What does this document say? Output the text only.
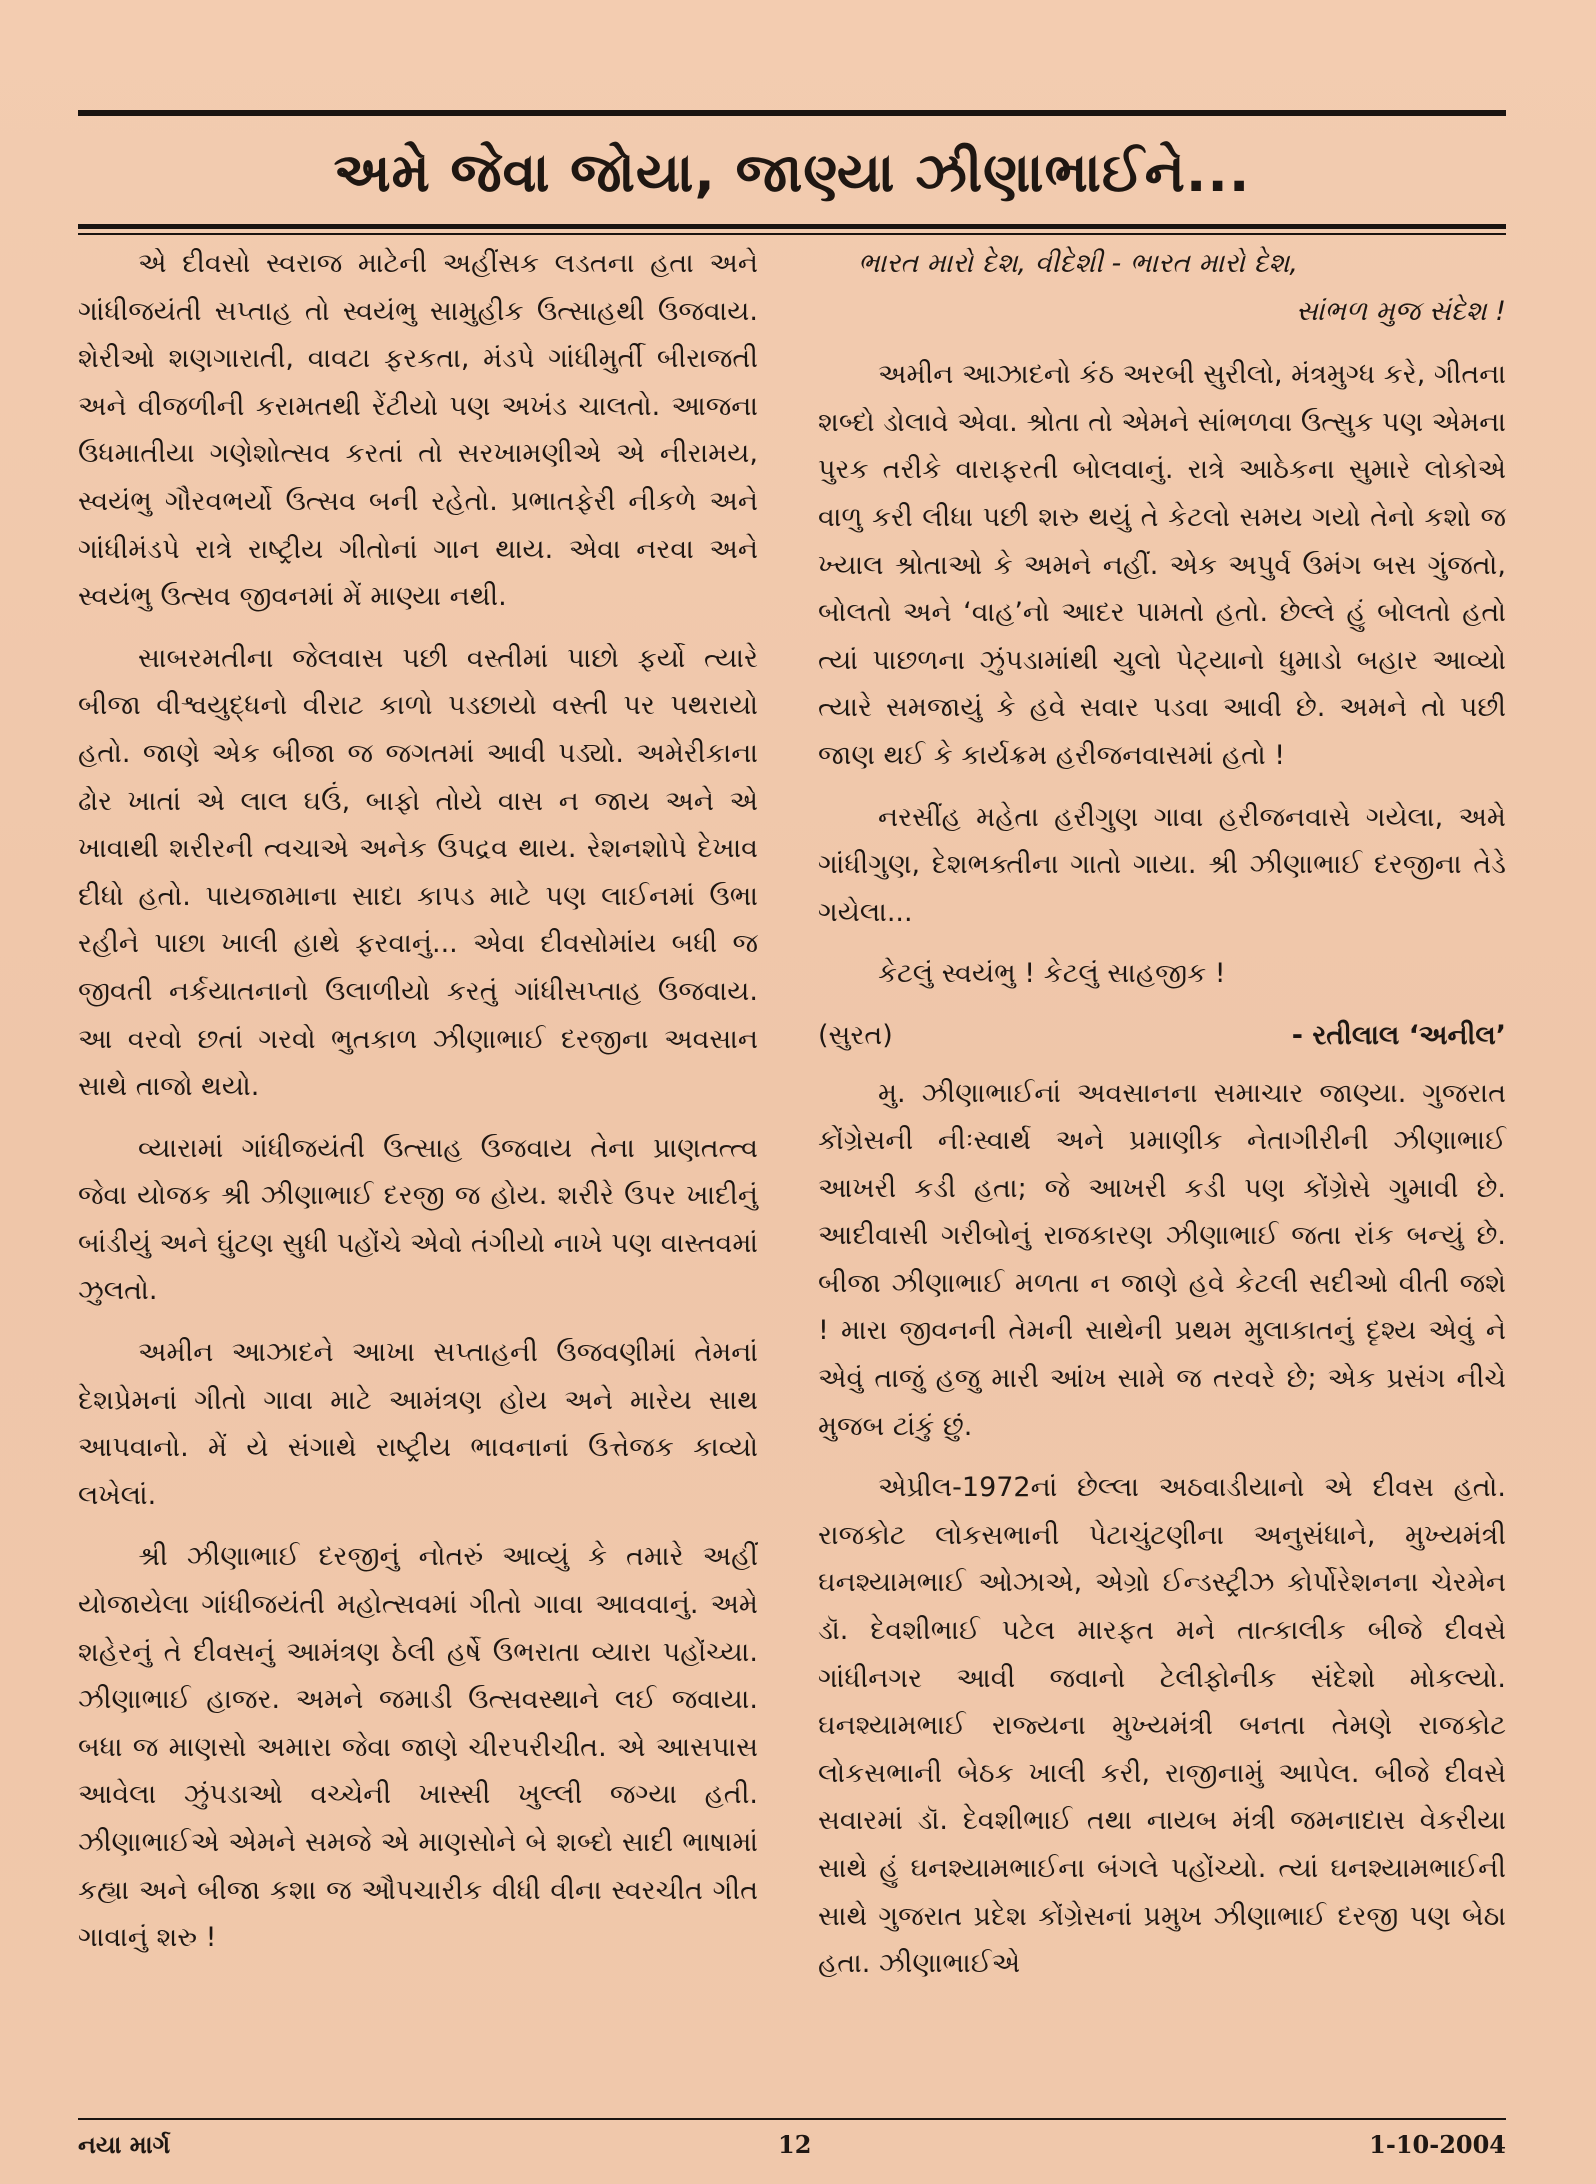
અમે જેવા જોયા, જાણ્યા ઝીણાભાઈને...

એ દીવસો સ્વરાજ માટેની અહીંસક લડતના હતા અને ગાંધીજયંતી સપ્તાહ તો સ્વયંભુ સામુહીક ઉત્સાહથી ઉજવાય. શેરીઓ શણગારાતી, વાવટા ફરકતા, મંડપે ગાંધીમુર્તી બીરાજતી અને વીજળીની કરામતથી રેંટીયો પણ અખંડ ચાલતો. આજના ઉધમાતીયા ગણેશોત્સવ કરતાં તો સરખામણીએ એ નીરામય, સ્વયંભુ ગૌરવભર્યો ઉત્સવ બની રહેતો. પ્રભાતફેરી નીકળે અને ગાંધીમંડપે રાત્રે રાષ્ટ્રીય ગીતોનાં ગાન થાય. એવા નરવા અને સ્વયંભુ ઉત્સવ જીવનમાં મેં માણ્યા નથી.

સાબરમતીના જેલવાસ પછી વસ્તીમાં પાછો ફર્યો ત્યારે બીજા વીશ્વયુદ્ધનો વીરાટ કાળો પડછાયો વસ્તી પર પથરાયો હતો. જાણે એક બીજા જ જગતમાં આવી પડ્યો. અમેરીકાના ઢોર ખાતાં એ લાલ ઘઉં, બાફો તોયે વાસ ન જાય અને એ ખાવાથી શરીરની ત્વચાએ અનેક ઉપદ્રવ થાય. રેશનશોપે દેખાવ દીધો હતો. પાયજામાના સાદા કાપડ માટે પણ લાઈનમાં ઉભા રહીને પાછા ખાલી હાથે ફરવાનું... એવા દીવસોમાંય બધી જ જીવતી નર્કયાતનાનો ઉલાળીયો કરતું ગાંધીસપ્તાહ ઉજવાય. આ વરવો છતાં ગરવો ભુતકાળ ઝીણાભાઈ દરજીના અવસાન સાથે તાજો થયો.

વ્યારામાં ગાંધીજયંતી ઉત્સાહ ઉજવાય તેના પ્રાણતત્ત્વ જેવા યોજક શ્રી ઝીણાભાઈ દરજી જ હોય. શરીરે ઉપર ખાદીનું બાંડીયું અને ઘુંટણ સુધી પહોંચે એવો તંગીયો નાખે પણ વાસ્તવમાં ઝુલતો.

અમીન આઝાદને આખા સપ્તાહની ઉજવણીમાં તેમનાં દેશપ્રેમનાં ગીતો ગાવા માટે આમંત્રણ હોય અને મારેય સાથ આપવાનો. મેં યે સંગાથે રાષ્ટ્રીય ભાવનાનાં ઉત્તેજક કાવ્યો લખેલાં.

શ્રી ઝીણાભાઈ દરજીનું નોતરું આવ્યું કે તમારે અહીં યોજાયેલા ગાંધીજયંતી મહોત્સવમાં ગીતો ગાવા આવવાનું. અમે શહેરનું તે દીવસનું આમંત્રણ ઠેલી હર્ષે ઉભરાતા વ્યારા પહોંચ્યા. ઝીણાભાઈ હાજર. અમને જમાડી ઉત્સવસ્થાને લઈ જવાયા. બધા જ માણસો અમારા જેવા જાણે ચીરપરીચીત. એ આસપાસ આવેલા ઝુંપડાઓ વચ્ચેની ખાસ્સી ખુલ્લી જગ્યા હતી. ઝીણાભાઈએ એમને સમજે એ માણસોને બે શબ્દો સાદી ભાષામાં કહ્યા અને બીજા કશા જ ઔપચારીક વીધી વીના સ્વરચીત ગીત ગાવાનું શરુ !

ભારત મારો દેશ, વીદેશી - ભારત મારો દેશ,

સાંભળ મુજ સંદેશ !

અમીન આઝાદનો કંઠ અરબી સુરીલો, મંત્રમુગ્ધ કરે, ગીતના શબ્દો ડોલાવે એવા. શ્રોતા તો એમને સાંભળવા ઉત્સુક પણ એમના પુરક તરીકે વારાફરતી બોલવાનું. રાત્રે આઠેકના સુમારે લોકોએ વાળુ કરી લીધા પછી શરુ થયું તે કેટલો સમય ગયો તેનો કશો જ ખ્યાલ શ્રોતાઓ કે અમને નહીં. એક અપુર્વ ઉમંગ બસ ગુંજતો, બોલતો અને ‘વાહ’નો આદર પામતો હતો. છેલ્લે હું બોલતો હતો ત્યાં પાછળના ઝુંપડામાંથી ચુલો પેટ્યાનો ધુમાડો બહાર આવ્યો ત્યારે સમજાયું કે હવે સવાર પડવા આવી છે. અમને તો પછી જાણ થઈ કે કાર્યક્રમ હરીજનવાસમાં હતો !

નરસીંહ મહેતા હરીગુણ ગાવા હરીજનવાસે ગયેલા, અમે ગાંધીગુણ, દેશભક્તીના ગાતો ગાયા. શ્રી ઝીણાભાઈ દરજીના તેડે ગયેલા...

કેટલું સ્વયંભુ ! કેટલું સાહજીક !

(સુરત)	- રતીલાલ ‘અનીલ’

મુ. ઝીણાભાઈનાં અવસાનના સમાચાર જાણ્યા. ગુજરાત કોંગ્રેસની નીઃસ્વાર્થ અને પ્રમાણીક નેતાગીરીની ઝીણાભાઈ આખરી કડી હતા; જે આખરી કડી પણ કોંગ્રેસે ગુમાવી છે. આદીવાસી ગરીબોનું રાજકારણ ઝીણાભાઈ જતા રાંક બન્યું છે. બીજા ઝીણાભાઈ મળતા ન જાણે હવે કેટલી સદીઓ વીતી જશે ! મારા જીવનની તેમની સાથેની પ્રથમ મુલાકાતનું દૃશ્ય એવું ને એવું તાજું હજુ મારી આંખ સામે જ તરવરે છે; એક પ્રસંગ નીચે મુજબ ટાંકું છું.

એપ્રીલ-1972નાં છેલ્લા અઠવાડીયાનો એ દીવસ હતો. રાજકોટ લોકસભાની પેટાચુંટણીના અનુસંધાને, મુખ્યમંત્રી ઘનશ્યામભાઈ ઓઝાએ, એગ્રો ઈન્ડસ્ટ્રીઝ કોર્પોરેશનના ચેરમેન ડૉ. દેવશીભાઈ પટેલ મારફત મને તાત્કાલીક બીજે દીવસે ગાંધીનગર આવી જવાનો ટેલીફોનીક સંદેશો મોકલ્યો. ઘનશ્યામભાઈ રાજ્યના મુખ્યમંત્રી બનતા તેમણે રાજકોટ લોકસભાની બેઠક ખાલી કરી, રાજીનામું આપેલ. બીજે દીવસે સવારમાં ડૉ. દેવશીભાઈ તથા નાયબ મંત્રી જમનાદાસ વેકરીયા સાથે હું ઘનશ્યામભાઈના બંગલે પહોંચ્યો. ત્યાં ઘનશ્યામભાઈની સાથે ગુજરાત પ્રદેશ કોંગ્રેસનાં પ્રમુખ ઝીણાભાઈ દરજી પણ બેઠા હતા. ઝીણાભાઈએ

નયા માર્ગ	12	1-10-2004
